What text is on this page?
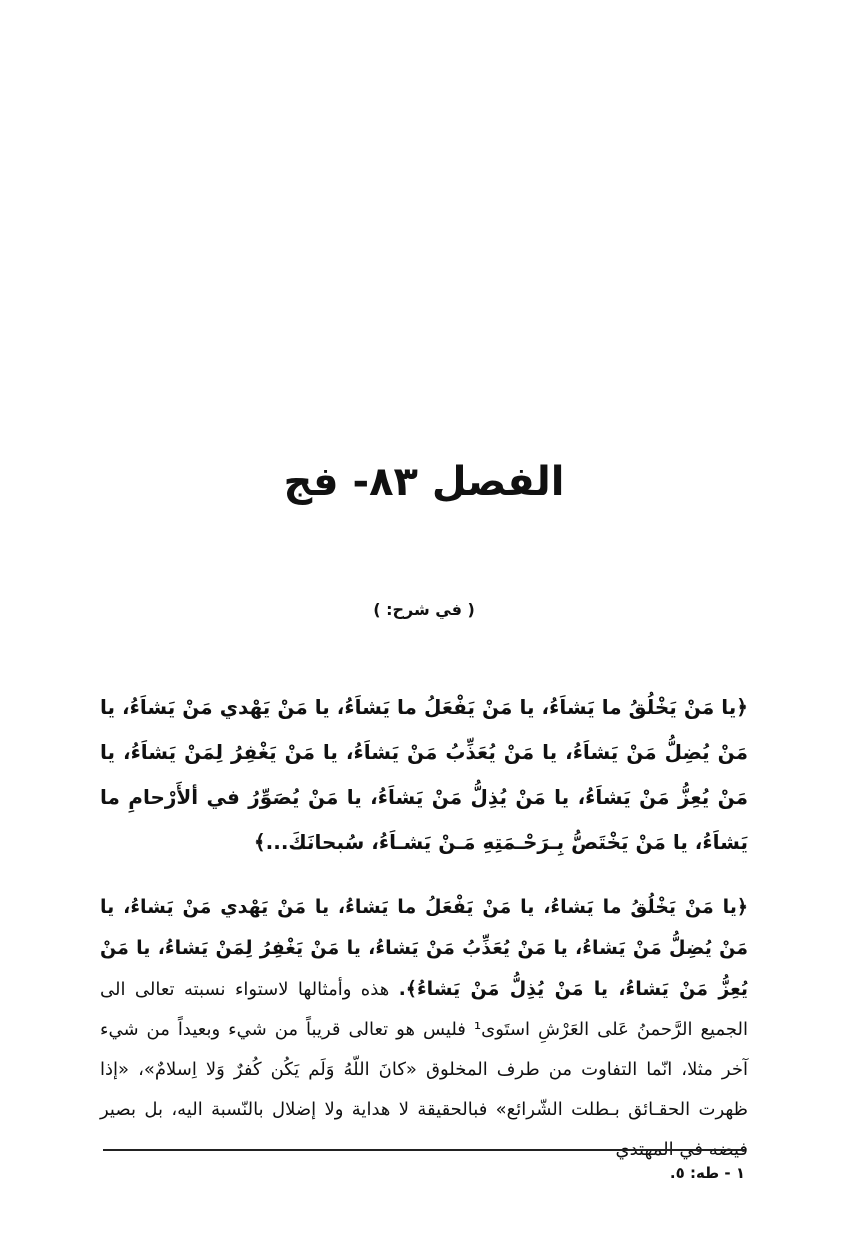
الفصل ٨٣- فج
( في شرح: )

﴿يا مَنْ يَخْلُقُ ما يَشاَءُ، يا مَنْ يَفْعَلُ ما يَشاَءُ، يا مَنْ يَهْدي مَنْ يَشاَءُ، يا مَنْ يُضِلُّ مَنْ يَشاَءُ، يا مَنْ يُعَذِّبُ مَنْ يَشاَءُ، يا مَنْ يَغْفِرُ لِمَنْ يَشاَءُ، يا مَنْ يُعِزُّ مَنْ يَشاَءُ، يا مَنْ يُذِلُّ مَنْ يَشاَءُ، يا مَنْ يُصَوِّرُ في ألأَرْحامِ ما يَشاَءُ، يا مَنْ يَخْتَصُّ بِـرَحْـمَتِهِ مَـنْ يَشـاَءُ، سُبحانَكَ...﴾

﴿يا مَنْ يَخْلُقُ ما يَشاءُ، يا مَنْ يَفْعَلُ ما يَشاءُ، يا مَنْ يَهْدي مَنْ يَشاءُ، يا مَنْ يُضِلُّ مَنْ يَشاءُ، يا مَنْ يُعَذِّبُ مَنْ يَشاءُ، يا مَنْ يَغْفِرُ لِمَنْ يَشاءُ، يا مَنْ يُعِزُّ مَنْ يَشاءُ، يا مَنْ يُذِلُّ مَنْ يَشاءُ﴾. هذه وأمثالها لاستواء نسبته تعالى الى الجميع الرَّحمنُ عَلى العَرْشِ استَوى¹ فليس هو تعالى قريباً من شيء وبعيداً من شيء آخر مثلا، انّما التفاوت من طرف المخلوق «كانَ اللّهُ وَلَم يَكُن كُفرٌ وَلا اِسلامٌ»، «إذا ظهرت الحقـائق بـطلت الشّرائع» فبالحقيقة لا هداية ولا إضلال بالنّسبة اليه، بل بصير فيضه في المهتدي

١ - طه: ٥.
